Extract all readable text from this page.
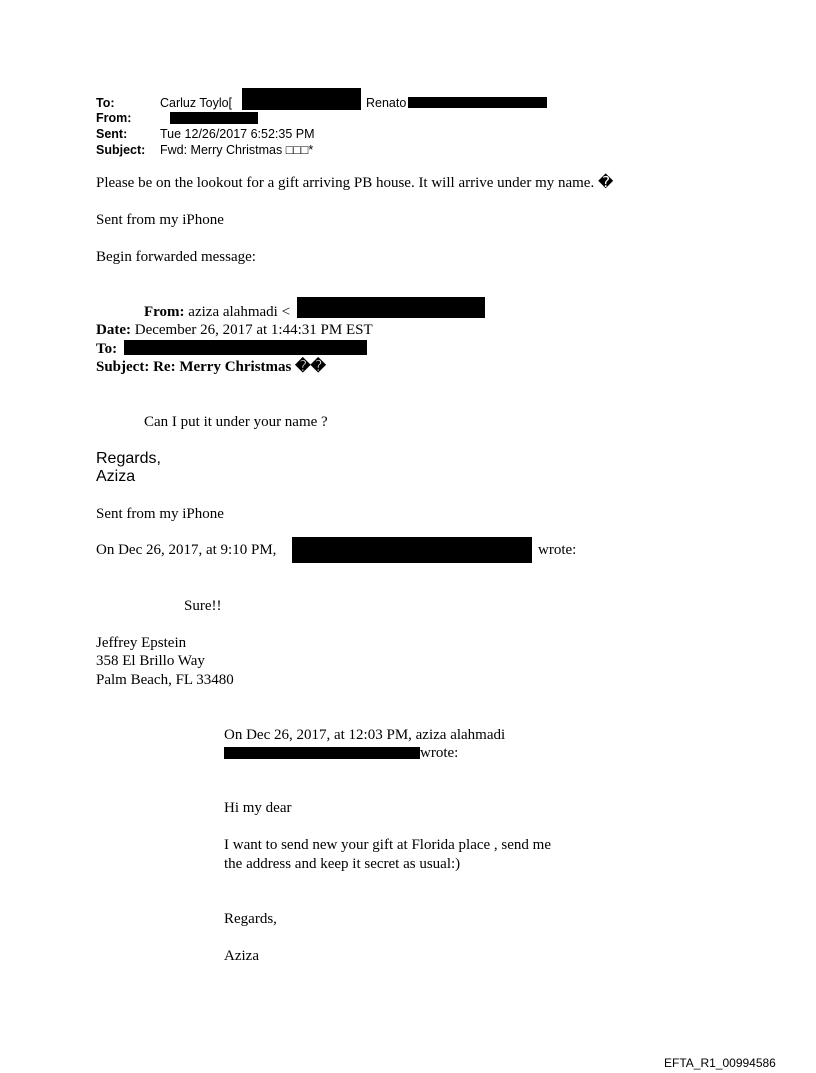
To:	Carluz Toylo[	Renato
From:
Sent:	Tue 12/26/2017 6:52:35 PM
Subject: Fwd: Merry Christmas □□□*
Please be on the lookout for a gift arriving PB house. It will arrive under my name. �
Sent from my iPhone
Begin forwarded message:
From: aziza alahmadi <
Date: December 26, 2017 at 1:44:31 PM EST
To:
Subject: Re: Merry Christmas ��
Can I put it under your name ?
Regards,
Aziza
Sent from my iPhone
On Dec 26, 2017, at 9:10 PM,	wrote:
Sure!!
Jeffrey Epstein
358 El Brillo Way
Palm Beach, FL 33480
On Dec 26, 2017, at 12:03 PM, aziza alahmadi
wrote:
Hi my dear
I want to send new your gift at Florida place , send me
the address and keep it secret as usual:)
Regards,
Aziza
EFTA_R1_00994586
